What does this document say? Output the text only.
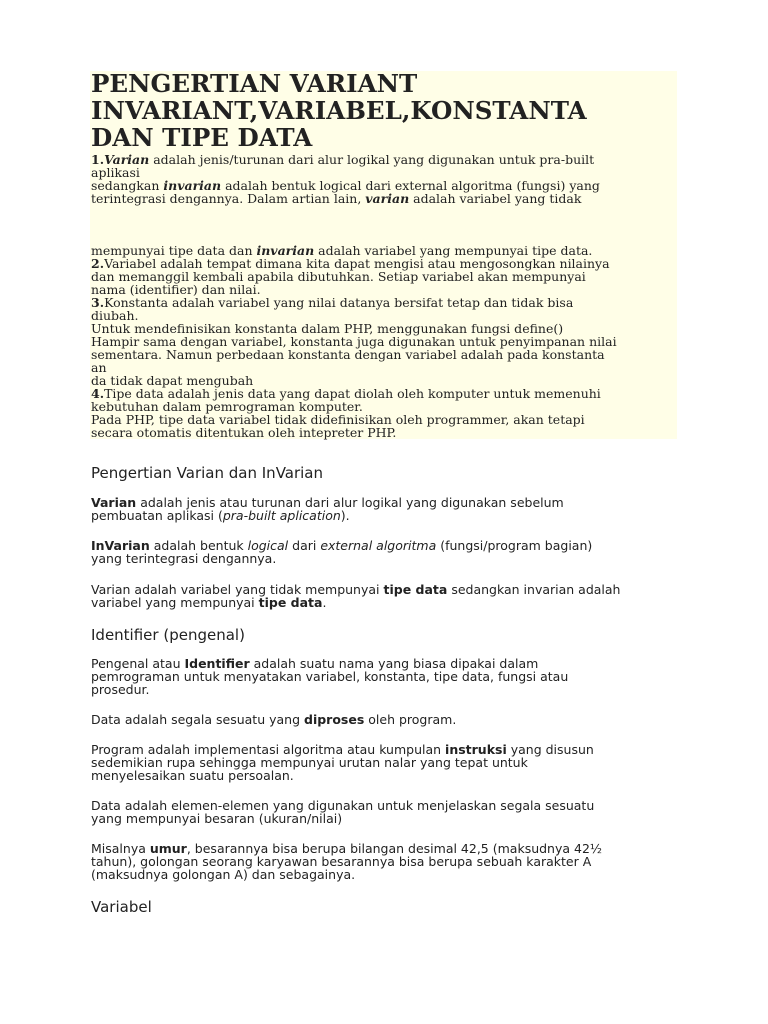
PENGERTIAN VARIANT
INVARIANT,VARIABEL,KONSTANTA
DAN TIPE DATA
1.Varian adalah jenis/turunan dari alur logikal yang digunakan untuk pra-built
aplikasi
sedangkan invarian adalah bentuk logical dari external algoritma (fungsi) yang
terintegrasi dengannya. Dalam artian lain, varian adalah variabel yang tidak
mempunyai tipe data dan invarian adalah variabel yang mempunyai tipe data.
2.Variabel adalah tempat dimana kita dapat mengisi atau mengosongkan nilainya
dan memanggil kembali apabila dibutuhkan. Setiap variabel akan mempunyai
nama (identifier) dan nilai.
3.Konstanta adalah variabel yang nilai datanya bersifat tetap dan tidak bisa
diubah.
Untuk mendefinisikan konstanta dalam PHP, menggunakan fungsi define()
Hampir sama dengan variabel, konstanta juga digunakan untuk penyimpanan nilai
sementara. Namun perbedaan konstanta dengan variabel adalah pada konstanta
an
da tidak dapat mengubah
4.Tipe data adalah jenis data yang dapat diolah oleh komputer untuk memenuhi
kebutuhan dalam pemrograman komputer.
Pada PHP, tipe data variabel tidak didefinisikan oleh programmer, akan tetapi
secara otomatis ditentukan oleh intepreter PHP.
Pengertian Varian dan InVarian
Varian adalah jenis atau turunan dari alur logikal yang digunakan sebelum
pembuatan aplikasi (pra-built aplication).
InVarian adalah bentuk logical dari external algoritma (fungsi/program bagian)
yang terintegrasi dengannya.
Varian adalah variabel yang tidak mempunyai tipe data sedangkan invarian adalah
variabel yang mempunyai tipe data.
Identifier (pengenal)
Pengenal atau Identifier adalah suatu nama yang biasa dipakai dalam
pemrograman untuk menyatakan variabel, konstanta, tipe data, fungsi atau
prosedur.
Data adalah segala sesuatu yang diproses oleh program.
Program adalah implementasi algoritma atau kumpulan instruksi yang disusun
sedemikian rupa sehingga mempunyai urutan nalar yang tepat untuk
menyelesaikan suatu persoalan.
Data adalah elemen-elemen yang digunakan untuk menjelaskan segala sesuatu
yang mempunyai besaran (ukuran/nilai)
Misalnya umur, besarannya bisa berupa bilangan desimal 42,5 (maksudnya 42½
tahun), golongan seorang karyawan besarannya bisa berupa sebuah karakter A
(maksudnya golongan A) dan sebagainya.
Variabel
